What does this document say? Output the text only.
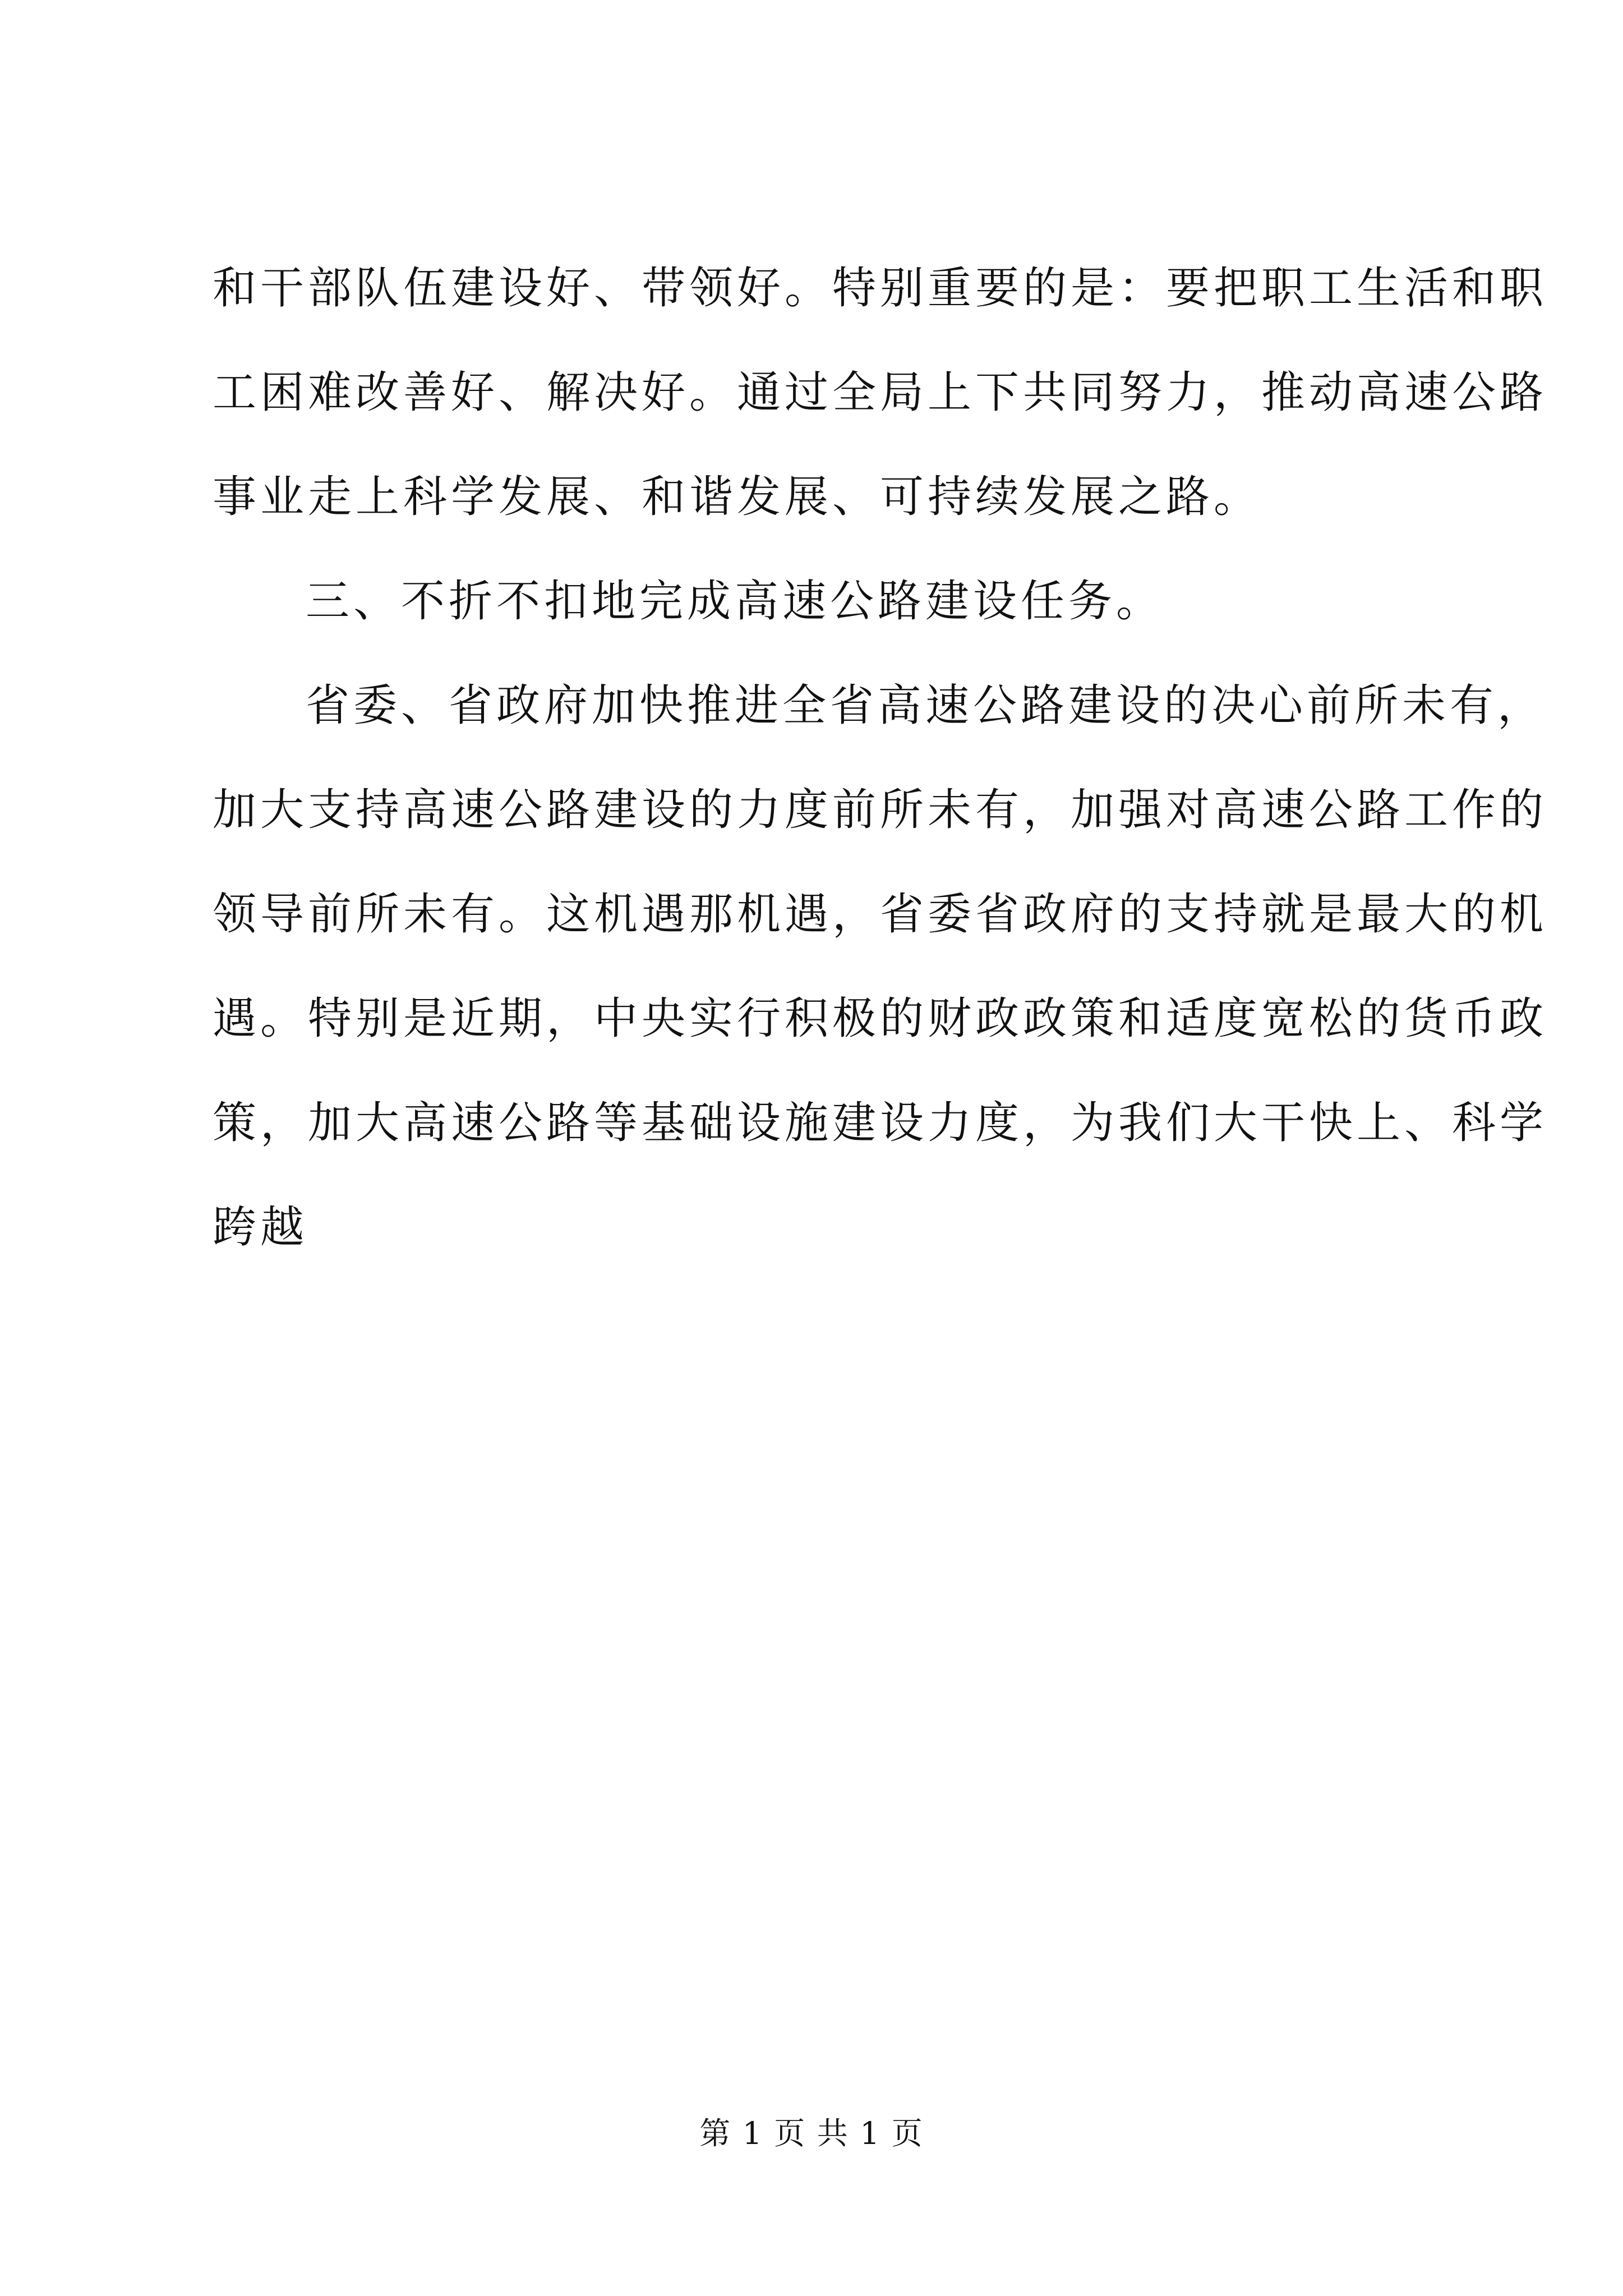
和干部队伍建设好、带领好。特别重要的是：要把职工生活和职
工困难改善好、解决好。通过全局上下共同努力，推动高速公路
事业走上科学发展、和谐发展、可持续发展之路。
三、不折不扣地完成高速公路建设任务。
省委、省政府加快推进全省高速公路建设的决心前所未有，
加大支持高速公路建设的力度前所未有，加强对高速公路工作的
领导前所未有。这机遇那机遇，省委省政府的支持就是最大的机
遇。特别是近期，中央实行积极的财政政策和适度宽松的货币政
策，加大高速公路等基础设施建设力度，为我们大干快上、科学
跨越
第 1 页 共 1 页
